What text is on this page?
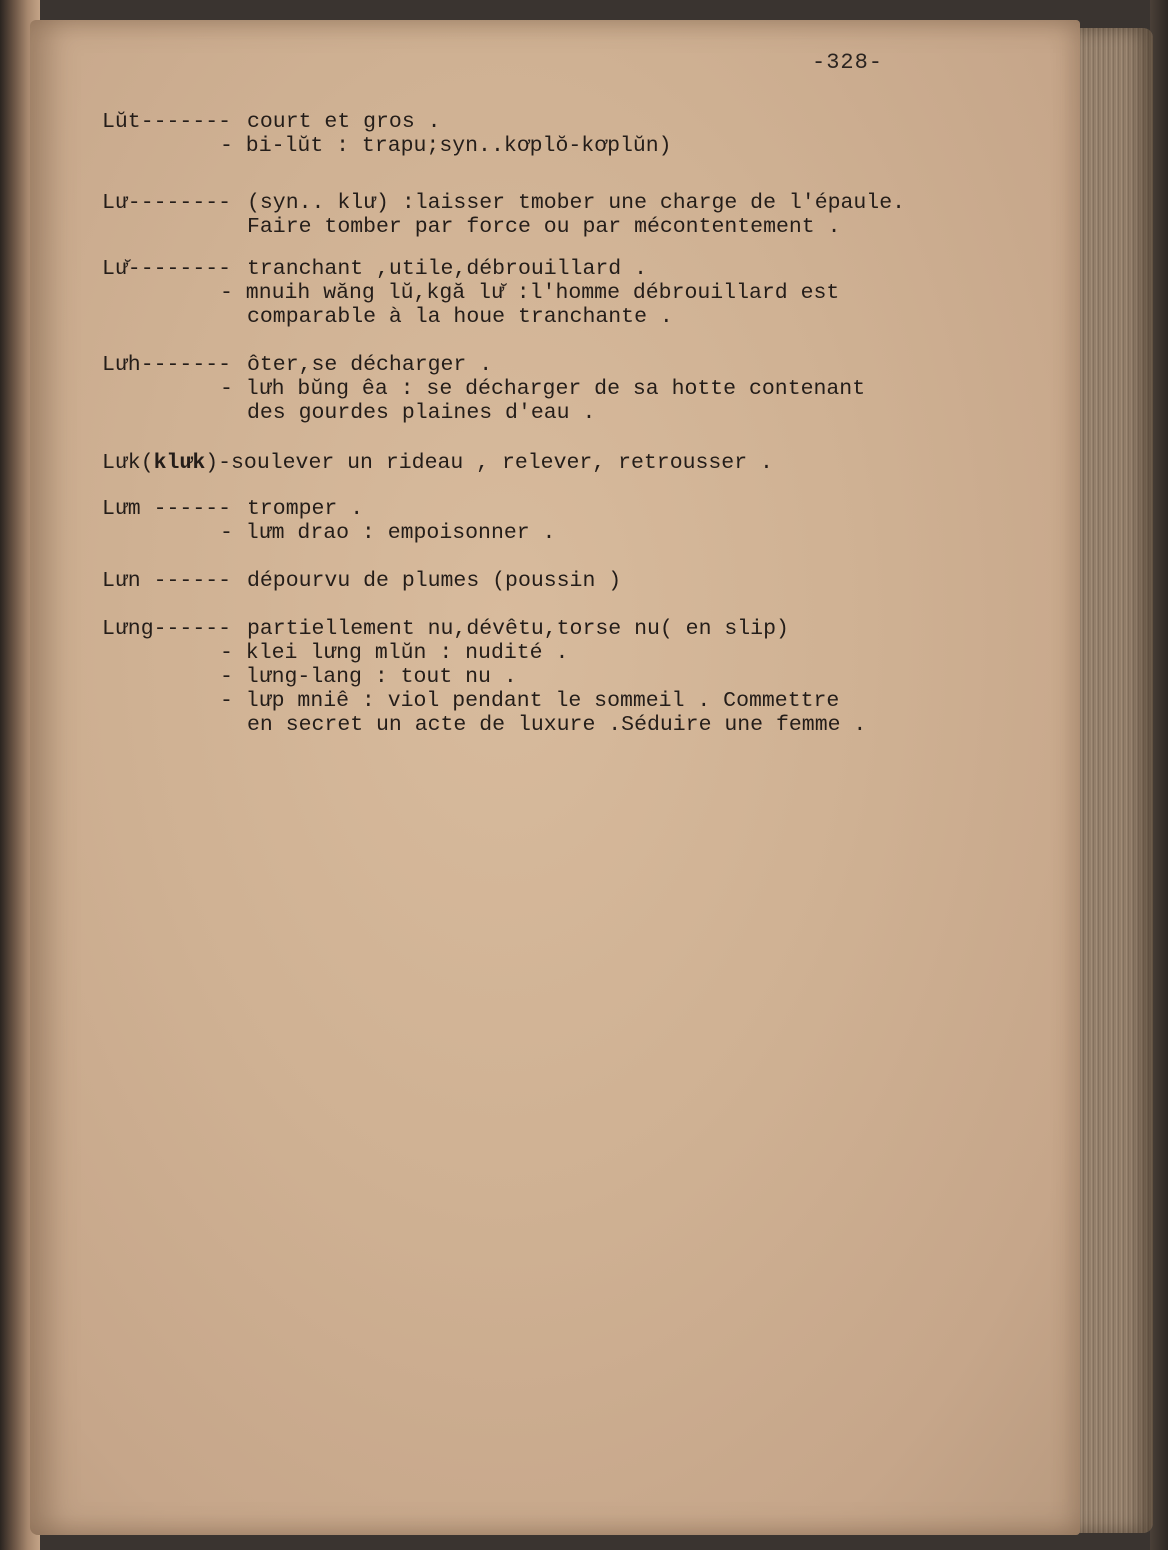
-328-
Lŭt------- court et gros .
- bi-lŭt : trapu;syn..kơplŏ-kơplŭn)
Lư-------- (syn.. klư) :laisser tmober une charge de l'épaule.
Faire tomber par force ou par mécontentement .
Lư̆-------- tranchant ,utile,débrouillard .
- mnuih wăng lŭ,kgă lư̆ :l'homme débrouillard est
comparable à la houe tranchante .
Lưh------- ôter,se décharger .
- lưh bŭng êa : se décharger de sa hotte contenant
des gourdes plaines d'eau .
Lưk(klưk)- soulever un rideau , relever, retrousser .
Lưm ------ tromper .
- lưm drao : empoisonner .
Lưn ------ dépourvu de plumes (poussin )
Lưng------ partiellement nu,dévêtu,torse nu( en slip)
- klei lưng mlŭn : nudité .
- lưng-lang : tout nu .
- lưp mniê : viol pendant le sommeil . Commettre
en secret un acte de luxure .Séduire une femme .
